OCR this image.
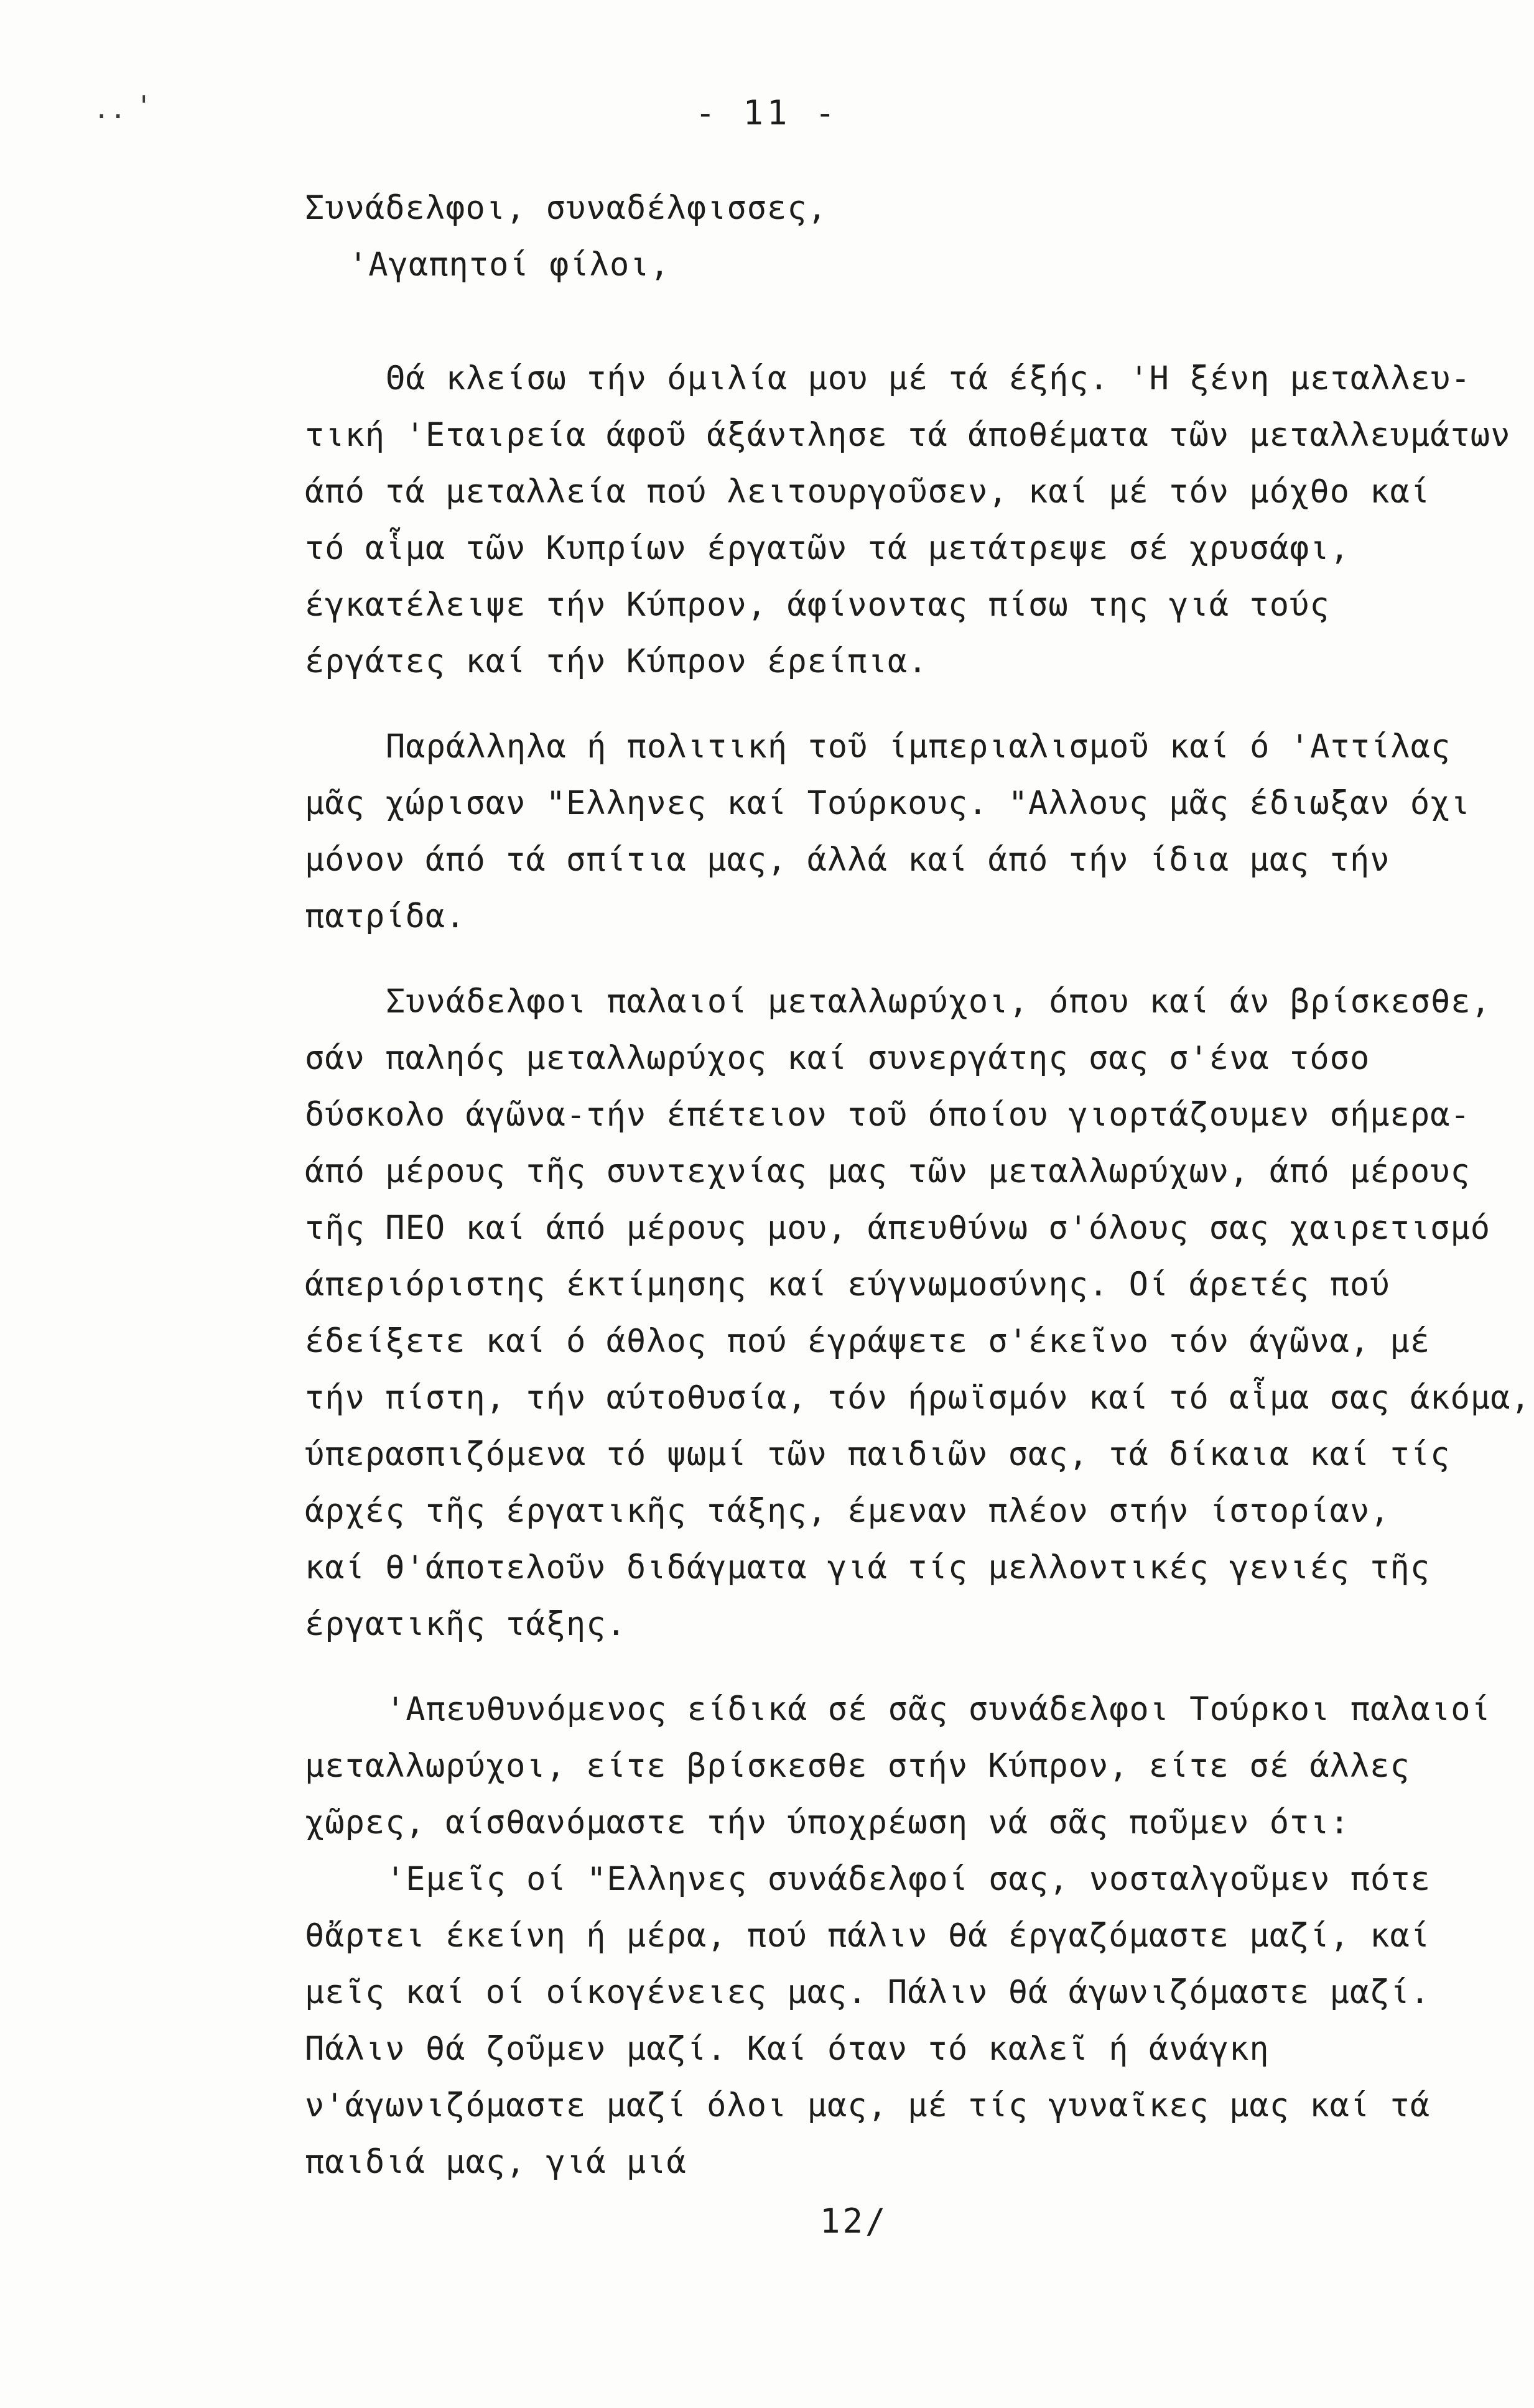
.. '	- 11 -
Συνάδελφοι, συναδέλφισσες,
'Αγαπητοί φίλοι,
Θά κλείσω τήν όμιλία μου μέ τά έξής. 'Η ξένη μεταλλευ-
τική 'Εταιρεία άφοῦ άξάντλησε τά άποθέματα τῶν μεταλλευμάτων
άπό τά μεταλλεία πού λειτουργοῦσεν, καί μέ τόν μόχθο καί
τό αἷμα τῶν Κυπρίων έργατῶν τά μετάτρεψε σέ χρυσάφι,
έγκατέλειψε τήν Κύπρον, άφίνοντας πίσω της γιά τούς
έργάτες καί τήν Κύπρον έρείπια.
Παράλληλα ή πολιτική τοῦ ίμπεριαλισμοῦ καί ό 'Αττίλας
μᾶς χώρισαν "Ελληνες καί Τούρκους. "Αλλους μᾶς έδιωξαν όχι
μόνον άπό τά σπίτια μας, άλλά καί άπό τήν ίδια μας τήν
πατρίδα.
Συνάδελφοι παλαιοί μεταλλωρύχοι, όπου καί άν βρίσκεσθε,
σάν παληός μεταλλωρύχος καί συνεργάτης σας σ'ένα τόσο
δύσκολο άγῶνα-τήν έπέτειον τοῦ όποίου γιορτάζουμεν σήμερα-
άπό μέρους τῆς συντεχνίας μας τῶν μεταλλωρύχων, άπό μέρους
τῆς ΠΕΟ καί άπό μέρους μου, άπευθύνω σ'όλους σας χαιρετισμό
άπεριόριστης έκτίμησης καί εύγνωμοσύνης. Οί άρετές πού
έδείξετε καί ό άθλος πού έγράψετε σ'έκεῖνο τόν άγῶνα, μέ
τήν πίστη, τήν αύτοθυσία, τόν ήρωϊσμόν καί τό αἷμα σας άκόμα,
ύπερασπιζόμενα τό ψωμί τῶν παιδιῶν σας, τά δίκαια καί τίς
άρχές τῆς έργατικῆς τάξης, έμεναν πλέον στήν ίστορίαν,
καί θ'άποτελοῦν διδάγματα γιά τίς μελλοντικές γενιές τῆς
έργατικῆς τάξης.
'Απευθυνόμενος είδικά σέ σᾶς συνάδελφοι Τούρκοι παλαιοί
μεταλλωρύχοι, είτε βρίσκεσθε στήν Κύπρον, είτε σέ άλλες
χῶρες, αίσθανόμαστε τήν ύποχρέωση νά σᾶς ποῦμεν ότι:
'Εμεῖς οί "Ελληνες συνάδελφοί σας, νοσταλγοῦμεν πότε
θἄρτει έκείνη ή μέρα, πού πάλιν θά έργαζόμαστε μαζί, καί
μεῖς καί οί οίκογένειες μας. Πάλιν θά άγωνιζόμαστε μαζί.
Πάλιν θά ζοῦμεν μαζί. Καί όταν τό καλεῖ ή άνάγκη
ν'άγωνιζόμαστε μαζί όλοι μας, μέ τίς γυναῖκες μας καί τά
παιδιά μας, γιά μιά
12/
